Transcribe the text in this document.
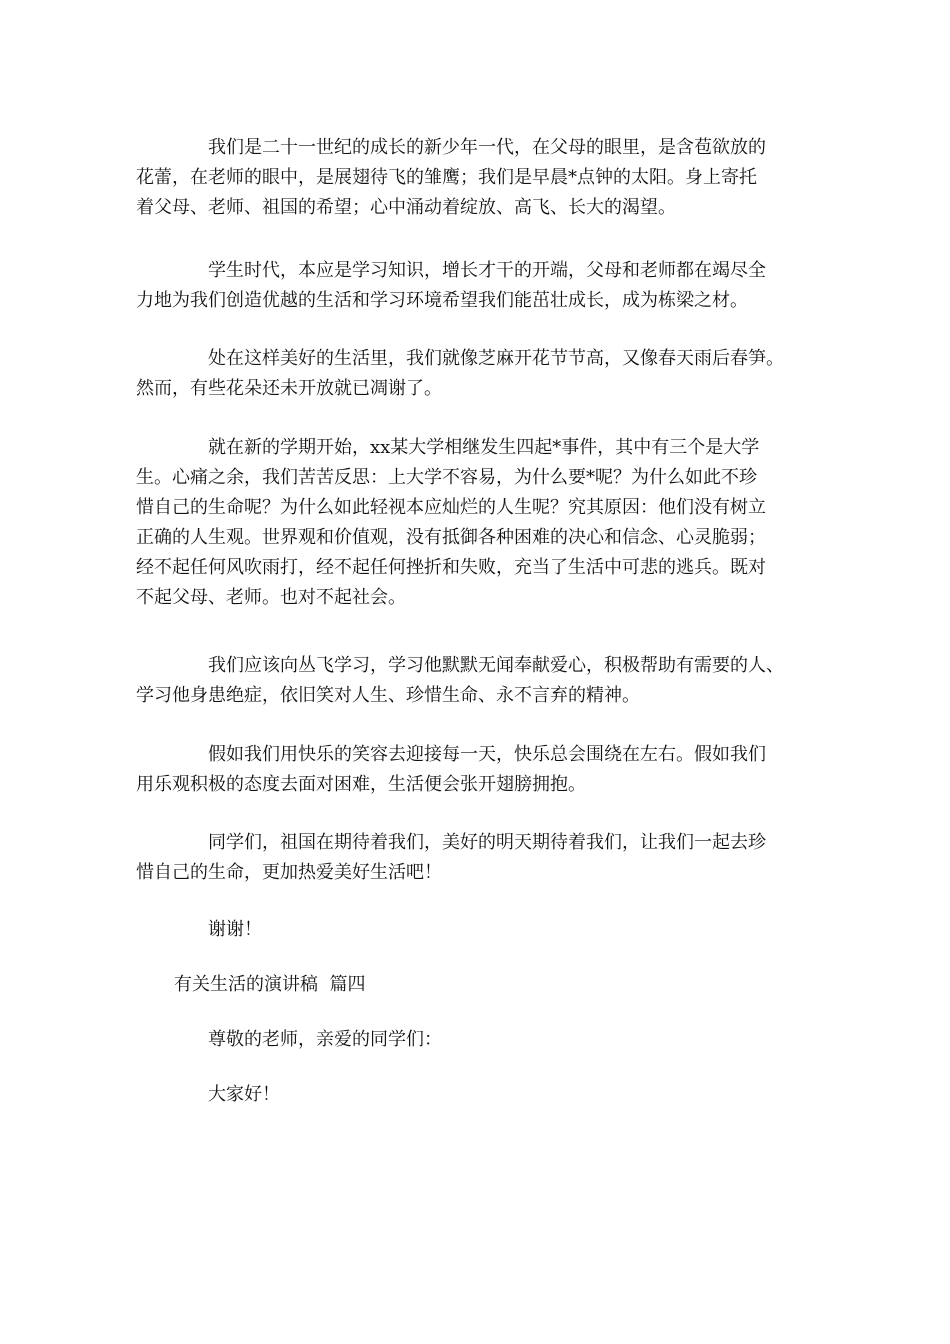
　　　　我们是二十一世纪的成长的新少年一代，在父母的眼里，是含苞欲放的
花蕾，在老师的眼中，是展翅待飞的雏鹰；我们是早晨*点钟的太阳。身上寄托
着父母、老师、祖国的希望；心中涌动着绽放、高飞、长大的渴望。

　　　　学生时代，本应是学习知识，增长才干的开端，父母和老师都在竭尽全
力地为我们创造优越的生活和学习环境希望我们能茁壮成长，成为栋梁之材。

　　　　处在这样美好的生活里，我们就像芝麻开花节节高，又像春天雨后春笋。
然而，有些花朵还未开放就已凋谢了。

　　　　就在新的学期开始，xx某大学相继发生四起*事件，其中有三个是大学
生。心痛之余，我们苦苦反思：上大学不容易，为什么要*呢？为什么如此不珍
惜自己的生命呢？为什么如此轻视本应灿烂的人生呢？究其原因：他们没有树立
正确的人生观。世界观和价值观，没有抵御各种困难的决心和信念、心灵脆弱；
经不起任何风吹雨打，经不起任何挫折和失败，充当了生活中可悲的逃兵。既对
不起父母、老师。也对不起社会。

　　　　我们应该向丛飞学习，学习他默默无闻奉献爱心，积极帮助有需要的人、
学习他身患绝症，依旧笑对人生、珍惜生命、永不言弃的精神。

　　　　假如我们用快乐的笑容去迎接每一天，快乐总会围绕在左右。假如我们
用乐观积极的态度去面对困难，生活便会张开翅膀拥抱。

　　　　同学们，祖国在期待着我们，美好的明天期待着我们，让我们一起去珍
惜自己的生命，更加热爱美好生活吧！

　　　　谢谢！

有关生活的演讲稿  篇四

　　　　尊敬的老师，亲爱的同学们：

　　　　大家好！
